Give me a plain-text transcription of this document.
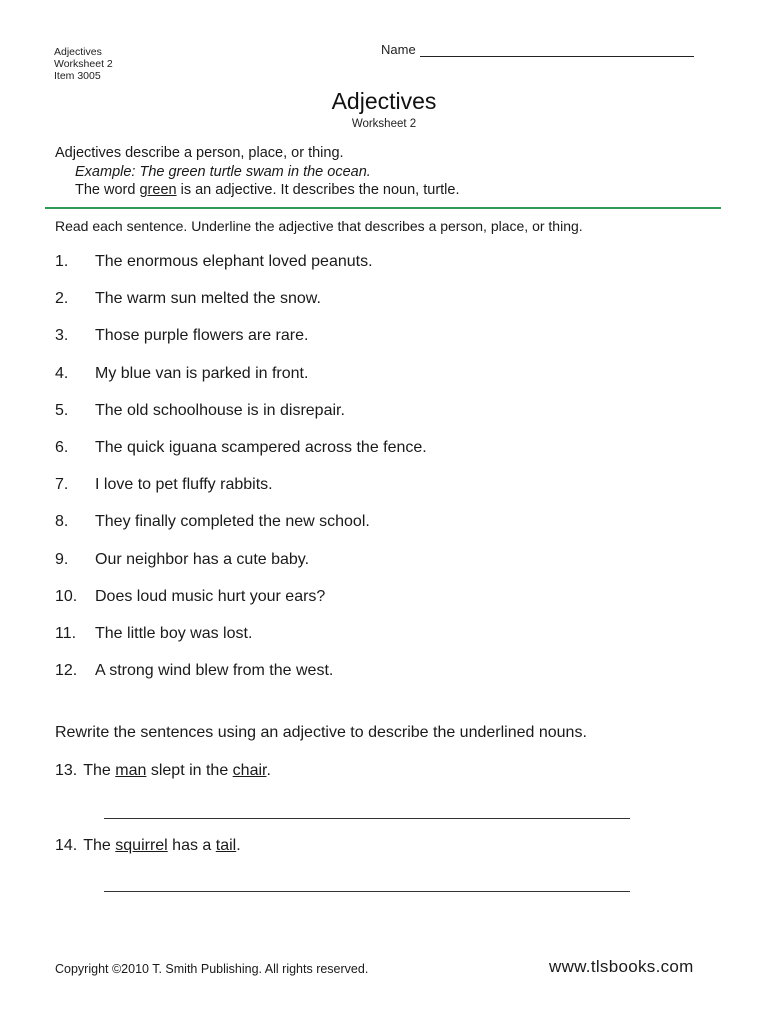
Adjectives
Worksheet 2
Item 3005
Name
Adjectives
Worksheet 2
Adjectives describe a person, place, or thing.
Example: The green turtle swam in the ocean.
The word green is an adjective. It describes the noun, turtle.
Read each sentence. Underline the adjective that describes a person, place, or thing.
1.	The enormous elephant loved peanuts.
2.	The warm sun melted the snow.
3.	Those purple flowers are rare.
4.	My blue van is parked in front.
5.	The old schoolhouse is in disrepair.
6.	The quick iguana scampered across the fence.
7.	I love to pet fluffy rabbits.
8.	They finally completed the new school.
9.	Our neighbor has a cute baby.
10.	Does loud music hurt your ears?
11.	The little boy was lost.
12.	A strong wind blew from the west.
Rewrite the sentences using an adjective to describe the underlined nouns.
13. The man slept in the chair.
14. The squirrel has a tail.
Copyright ©2010 T. Smith Publishing. All rights reserved.	www.tlsbooks.com
